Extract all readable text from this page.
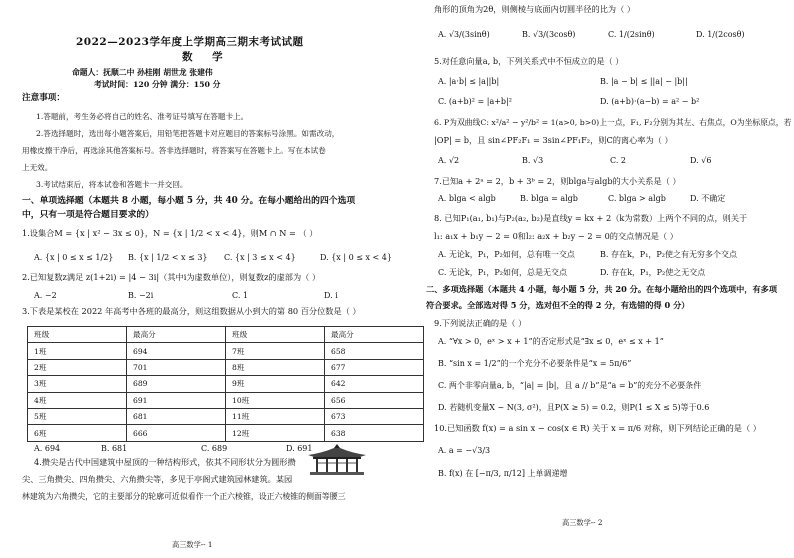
2022—2023学年度上学期高三期末考试试题
数 学
命题人：抚顺二中 孙桂刚 胡世龙 张建伟
考试时间：120 分钟 满分：150 分
注意事项：
1.答题前，考生务必将自己的姓名、准考证号填写在答题卡上。
2.答选择题时，选出每小题答案后，用铅笔把答题卡对应题目的答案标号涂黑。如需改动，
用橡皮擦干净后，再选涂其他答案标号。答非选择题时，将答案写在答题卡上。写在本试卷
上无效。
3.考试结束后，将本试卷和答题卡一并交回。
一、单项选择题（本题共 8 小题，每小题 5 分，共 40 分。在每小题给出的四个选项
中，只有一项是符合题目要求的）
1.设集合M = {x | x² − 3x ≤ 0}，N = {x | 1/2 < x < 4}，则M ∩ N = （ ）
A. {x | 0 ≤ x ≤ 1/2} B. {x | 1/2 < x ≤ 3} C. {x | 3 ≤ x < 4}	D. {x | 0 ≤ x < 4}
2.已知复数z满足 z(1+2i) = |4 − 3i|（其中i为虚数单位），则复数z的虚部为（ ）
A. −2	B. −2i	C. 1	D. i
3.下表是某校在 2022 年高考中各班的最高分，则这组数据从小到大的第 80 百分位数是（ ）
班级	最高分	班级	最高分
1班	694	7班	658
2班	701	8班	677
3班	689	9班	642
4班	691	10班	656
5班	681	11班	673
6班	666	12班	638
A. 694	B. 681	C. 689	D. 691
4.攒尖是古代中国建筑中屋顶的一种结构形式，依其不同形状分为圆形攒
尖、三角攒尖、四角攒尖、六角攒尖等，多见于亭阁式建筑园林建筑。某园
林建筑为六角攒尖，它的主要部分的轮廓可近似看作一个正六棱锥，设正六棱锥的侧面等腰三
高三数学-- 1
角形的顶角为2θ，则侧棱与底面内切圆半径的比为（ ）
A. √3/(3sinθ)	B. √3/(3cosθ)	C. 1/(2sinθ)	D. 1/(2cosθ)
5.对任意向量a, b，下列关系式中不恒成立的是（ ）
A. |a·b| ≤ |a||b|	B. |a − b| ≤ ||a| − |b||
C. (a+b)² = |a+b|²	D. (a+b)·(a−b) = a² − b²
6. P为双曲线C: x²/a² − y²/b² = 1(a>0, b>0)上一点，F₁, F₂分别为其左、右焦点，O为坐标原点，若
|OP| = b，且 sin∠PF₂F₁ = 3sin∠PF₁F₂，则C的离心率为（ ）
A. √2	B. √3	C. 2	D. √6
7.已知a + 2ᵃ = 2，b + 3ᵇ = 2，则blga与algb的大小关系是（ ）
A. blga < algb	B. blga = algb	C. blga > algb	D. 不确定
8. 已知P₁(a₁, b₁)与P₂(a₂, b₂)是直线y = kx + 2（k为常数）上两个不同的点，则关于
l₁: a₁x + b₁y − 2 = 0和l₂: a₂x + b₂y − 2 = 0的交点情况是（ ）
A. 无论k，P₁，P₂如何，总有唯一交点	B. 存在k，P₁，P₂使之有无穷多个交点
C. 无论k，P₁，P₂如何，总是无交点	D. 存在k，P₁，P₂使之无交点
二、多项选择题（本题共 4 小题，每小题 5 分，共 20 分。在每小题给出的四个选项中，有多项
符合要求。全部选对得 5 分，选对但不全的得 2 分，有选错的得 0 分）
9.下列说法正确的是（ ）
A. “∀x > 0，eˣ > x + 1”的否定形式是“∃x ≤ 0，eˣ ≤ x + 1”
B. “sin x = 1/2”的一个充分不必要条件是“x = 5π/6”
C. 两个非零向量a, b，“|a| = |b|，且 a // b”是“a = b”的充分不必要条件
D. 若随机变量X ~ N(3, σ²)，且P(X ≥ 5) = 0.2，则P(1 ≤ X ≤ 5)等于0.6
10.已知函数 f(x) = a sin x − cos(x ∈ R) 关于 x = π/6 对称，则下列结论正确的是（ ）
A. a = −√3/3
B. f(x) 在 [−π/3, π/12] 上单调递增
高三数学-- 2
